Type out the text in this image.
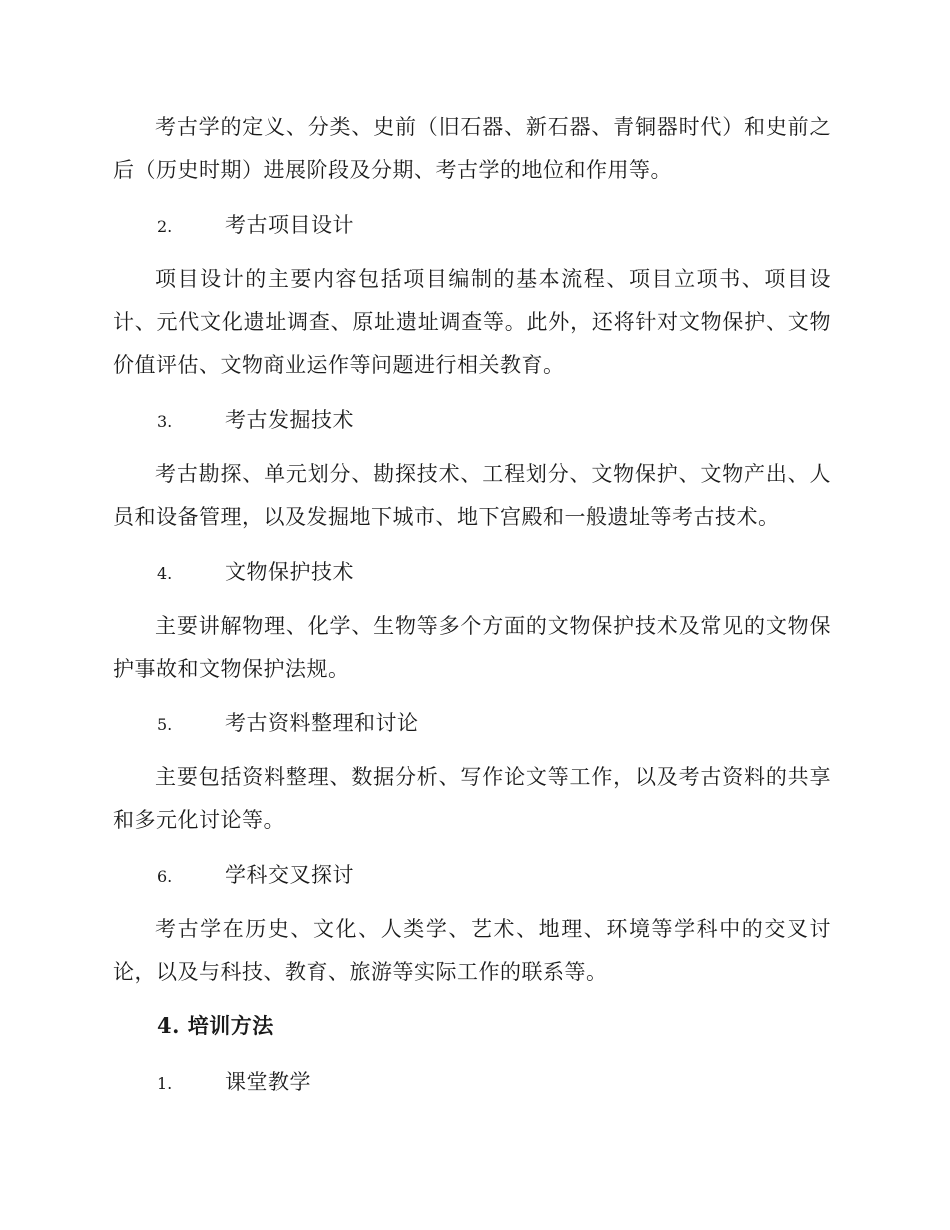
考古学的定义、分类、史前（旧石器、新石器、青铜器时代）和史前之后（历史时期）进展阶段及分期、考古学的地位和作用等。

2.	考古项目设计

项目设计的主要内容包括项目编制的基本流程、项目立项书、项目设计、元代文化遗址调查、原址遗址调查等。此外，还将针对文物保护、文物价值评估、文物商业运作等问题进行相关教育。

3.	考古发掘技术

考古勘探、单元划分、勘探技术、工程划分、文物保护、文物产出、人员和设备管理，以及发掘地下城市、地下宫殿和一般遗址等考古技术。

4.	文物保护技术

主要讲解物理、化学、生物等多个方面的文物保护技术及常见的文物保护事故和文物保护法规。

5.	考古资料整理和讨论

主要包括资料整理、数据分析、写作论文等工作，以及考古资料的共享和多元化讨论等。

6.	学科交叉探讨

考古学在历史、文化、人类学、艺术、地理、环境等学科中的交叉讨论，以及与科技、教育、旅游等实际工作的联系等。

4. 培训方法
1.	课堂教学
